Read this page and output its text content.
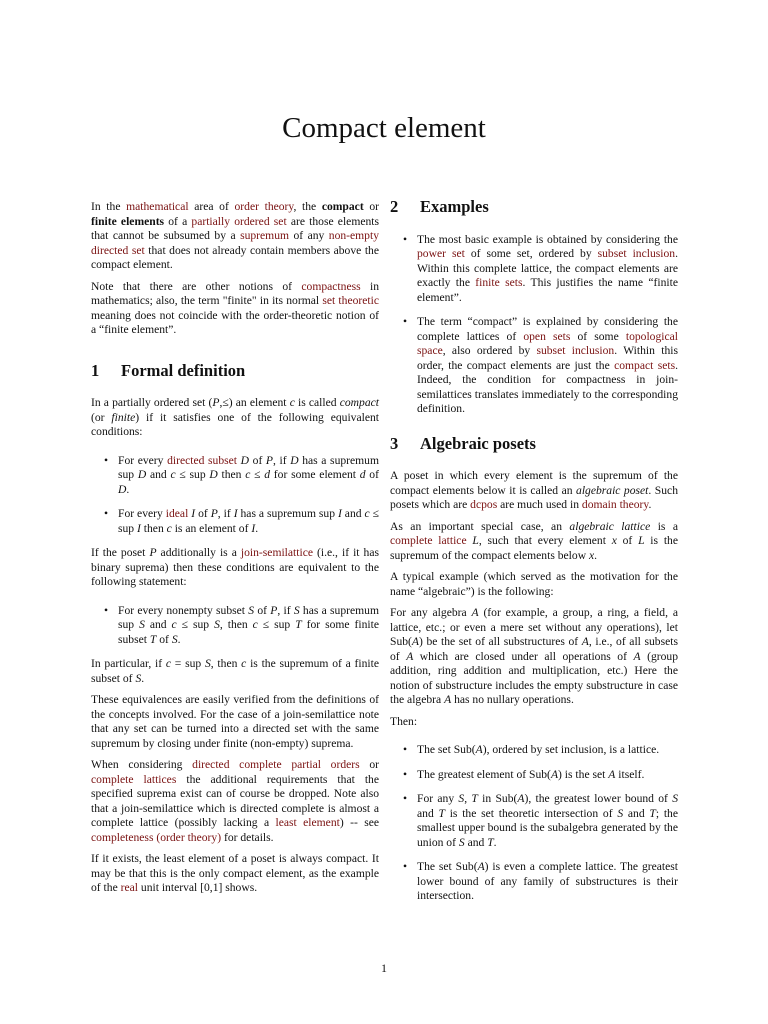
Compact element

In the mathematical area of order theory, the compact or finite elements of a partially ordered set are those elements that cannot be subsumed by a supremum of any non-empty directed set that does not already contain members above the compact element.

Note that there are other notions of compactness in mathematics; also, the term "finite" in its normal set theoretic meaning does not coincide with the order-theoretic notion of a “finite element”.

1	Formal definition

In a partially ordered set (P,≤) an element c is called compact (or finite) if it satisfies one of the following equivalent conditions:

• For every directed subset D of P, if D has a supremum sup D and c ≤ sup D then c ≤ d for some element d of D.
• For every ideal I of P, if I has a supremum sup I and c ≤ sup I then c is an element of I.

If the poset P additionally is a join-semilattice (i.e., if it has binary suprema) then these conditions are equivalent to the following statement:

• For every nonempty subset S of P, if S has a supremum sup S and c ≤ sup S, then c ≤ sup T for some finite subset T of S.

In particular, if c = sup S, then c is the supremum of a finite subset of S.

These equivalences are easily verified from the definitions of the concepts involved. For the case of a join-semilattice note that any set can be turned into a directed set with the same supremum by closing under finite (non-empty) suprema.

When considering directed complete partial orders or complete lattices the additional requirements that the specified suprema exist can of course be dropped. Note also that a join-semilattice which is directed complete is almost a complete lattice (possibly lacking a least element) -- see completeness (order theory) for details.

If it exists, the least element of a poset is always compact. It may be that this is the only compact element, as the example of the real unit interval [0,1] shows.

2	Examples
• The most basic example is obtained by considering the power set of some set, ordered by subset inclusion. Within this complete lattice, the compact elements are exactly the finite sets. This justifies the name “finite element”.
• The term “compact” is explained by considering the complete lattices of open sets of some topological space, also ordered by subset inclusion. Within this order, the compact elements are just the compact sets. Indeed, the condition for compactness in join-semilattices translates immediately to the corresponding definition.
3	Algebraic posets

A poset in which every element is the supremum of the compact elements below it is called an algebraic poset. Such posets which are dcpos are much used in domain theory.

As an important special case, an algebraic lattice is a complete lattice L, such that every element x of L is the supremum of the compact elements below x.

A typical example (which served as the motivation for the name “algebraic”) is the following:

For any algebra A (for example, a group, a ring, a field, a lattice, etc.; or even a mere set without any operations), let Sub(A) be the set of all substructures of A, i.e., of all subsets of A which are closed under all operations of A (group addition, ring addition and multiplication, etc.) Here the notion of substructure includes the empty substructure in case the algebra A has no nullary operations.

Then:

• The set Sub(A), ordered by set inclusion, is a lattice.
• The greatest element of Sub(A) is the set A itself.
• For any S, T in Sub(A), the greatest lower bound of S and T is the set theoretic intersection of S and T; the smallest upper bound is the subalgebra generated by the union of S and T.
• The set Sub(A) is even a complete lattice. The greatest lower bound of any family of substructures is their intersection.
1
